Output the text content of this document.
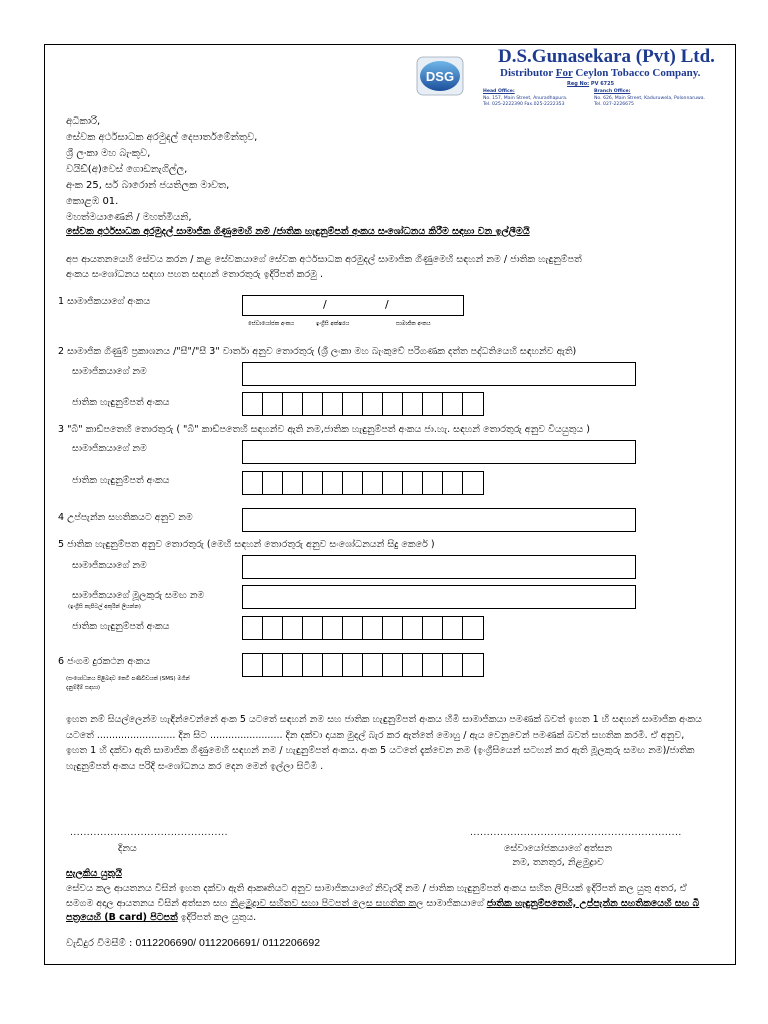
DSG
D.S.Gunasekara (Pvt) Ltd.
Distributor For Ceylon Tobacco Company.
Reg No: PV 6725
Head Office:
No. 157, Main Street, Anuradhapura.
Tel. 025-2222390 Fax.025-2222353
Branch Office:
No. 626, Main Street, Kaduruwela, Polonnaruwa.
Tel. 027-2226675
අධිකාරි,
සේවක අර්ථසාධක අරමුදල් දෙපාර්තමේන්තුව,
ශ්‍රී ලංකා මහ බැංකුව,
වයිඩ්(අ)වෙස් ගොඩනැගිල්ල,
අංක 25, සර් බාරොන් ජයතිලක මාවත,
කොළඹ 01.
මහත්මයාණෙනි / මහත්මියනි,
සේවක අර්ථසාධක අරමුදල් සාමාජික ගිණුමෙහි නම /ජාතික හැඳුනුම්පත් අංකය සංශෝධනය කිරීම සඳහා වන ඉල්ලීමයි
අප ආයතනයෙහි සේවය කරන / කළ සේවකයාගේ සේවක අර්ථසාධක අරමුදල් සාමාජික ගිණුමෙහි සඳහන් නම / ජාතික හැඳුනුම්පත් අංකය සංශෝධනය සඳහා පහත සඳහන් තොරතුරු ඉදිරිපත් කරමු .
1 සාමාජිකයාගේ අංකය	/	/
සේවායෝජක අංකය	ඉංග්‍රීසි අක්ෂරය	සාමාජික අංකය
2 සාමාජික ගිණුම් ප්‍රකාශනය /"සී"/"සී 3" වාර්තා අනුව තොරතුරු (ශ්‍රී ලංකා මහ බැංකුවේ පරිගණක දත්ත පද්ධතියෙහි සඳහන්ව ඇති)
සාමාජිකයාගේ නම
ජාතික හැඳුනුම්පත් අංකය
3 "බී" කාඩ්පතෙහි තොරතුරු ( "බී" කාඩ්පතෙහි සඳහන්ව ඇති නම,ජාතික හැඳුනුම්පත් අංකය ජා.හැ. සඳහන් තොරතුරු අනුව වියයුතුය )
සාමාජිකයාගේ නම
ජාතික හැඳුනුම්පත් අංකය
4 උප්පැන්න සහතිකයට අනුව නම
5 ජාතික හැඳුනුම්පත අනුව තොරතුරු (මෙහි සඳහන් තොරතුරු අනුව සංශෝධනයන් සිදු කෙරේ )
සාමාජිකයාගේ නම
සාමාජිකයාගේ මූලකුරු සමඟ නම
(ඉංග්‍රීසි කැපිටල් අකුරින් ලියන්න)
ජාතික හැඳුනුම්පත් අංකය
6 ජංගම දුරකථන අංකය
(සංශෝධනය පිළිබඳව කෙටි පණිවිඩයක් (SMS) මගින්
දැනුම්දීම් සඳහා)
ඉහත නම් සියල්ලෙන්ම හැඳින්වෙන්නේ අංක 5 යටතේ සඳහන් නම සහ ජාතික හැඳුනුම්පත් අංකය හිමි සාමාජිකයා පමණක් බවත් ඉහත 1 හි සඳහන් සාමාජික අංකය යටතේ .......................... දින සිට ........................ දින දක්වා දායක මුදල් බැර කර ඇත්තේ මොහු / ඇය වෙනුවෙන් පමණක් බවත් සහතික කරමි. ඒ අනුව, ඉහත 1 හි දක්වා ඇති සාමාජික ගිණුමෙහි සඳහන් නම / හැඳුනුම්පත් අංකය. අංක 5 යටතේ දැක්වෙන නම (ඉංග්‍රීසියෙන් සටහන් කර ඇති මූලකුරු සමඟ නම)/ජාතික හැඳුනුම්පත් අංකය පරිදි සංශෝධනය කර දෙන මෙන් ඉල්ලා සිටිමි .
...............................................
දිනය
...............................................................
සේවායෝජකයාගේ අත්සන
නම, තනතුර, නිළමුද්‍රාව
සැලකිය යුතුයි
සේවය කල ආයතනය විසින් ඉහත දක්වා ඇති ආකෘතියට අනුව සාමාජිකයාගේ නිවැරදි නම / ජාතික හැඳුනුම්පත් අංකය සහිත ලිපියක් ඉදිරිපත් කල යුතු අතර, ඒ සමගම අදාල ආයතනය විසින් අත්සන සහ නිළමුද්‍රාව සහිතව සහා පිටපත් ලෙස සහතික කල සාමාජිකයාගේ ජාතික හැඳුනුම්පතෙහි, උප්පැන්න සහතිකයෙහි සහ බී පත්‍රයෙහි (B card) පිටපත් ඉදිරිපත් කල යුතුය.
වැඩිදුර විමසීම් : 0112206690/ 0112206691/ 0112206692
